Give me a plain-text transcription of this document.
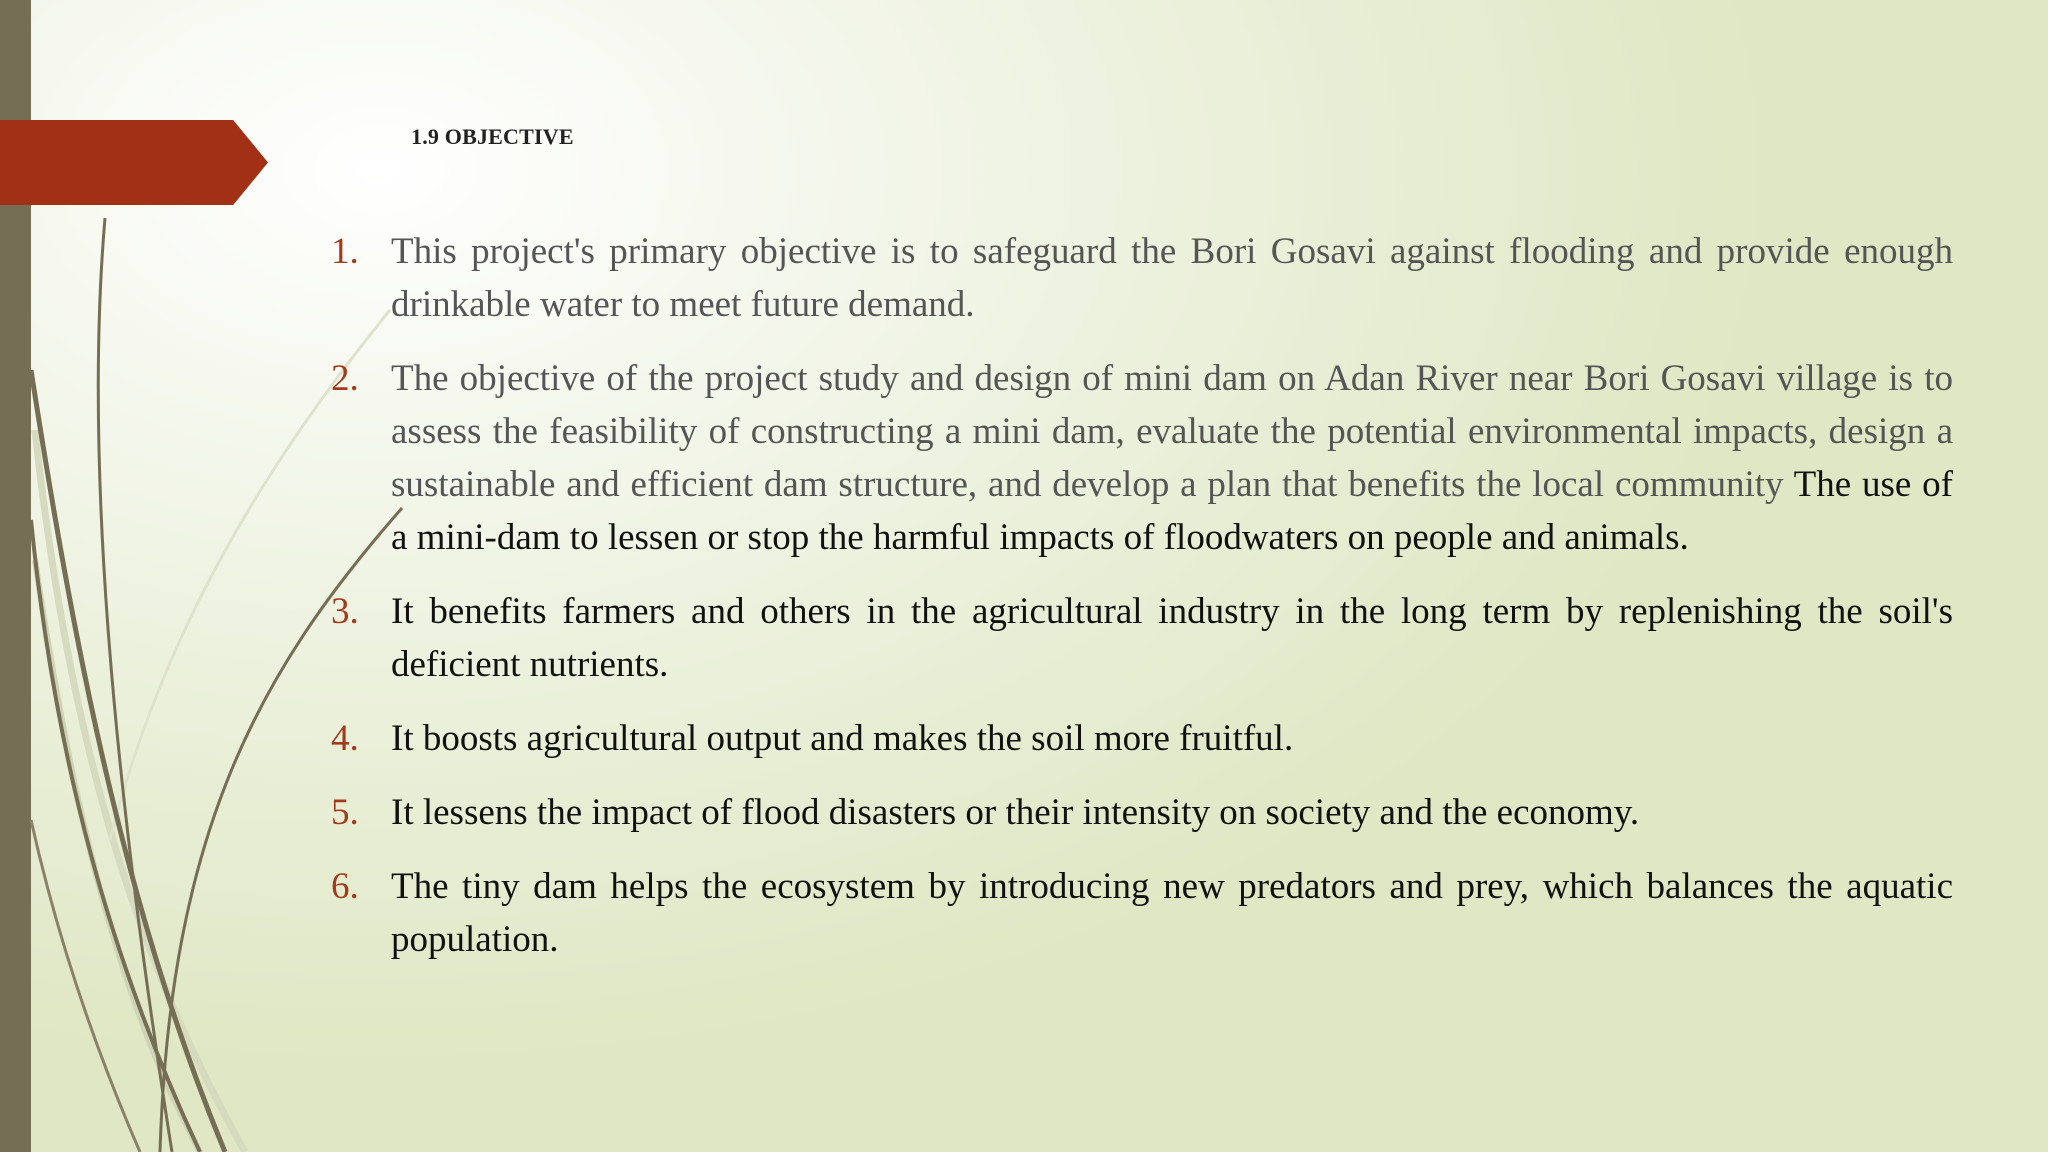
1.9 OBJECTIVE
1. This project's primary objective is to safeguard the Bori Gosavi against flooding and provide enough drinkable water to meet future demand.
2. The objective of the project study and design of mini dam on Adan River near Bori Gosavi village is to assess the feasibility of constructing a mini dam, evaluate the potential environmental impacts, design a sustainable and efficient dam structure, and develop a plan that benefits the local community The use of a mini-dam to lessen or stop the harmful impacts of floodwaters on people and animals.
3. It benefits farmers and others in the agricultural industry in the long term by replenishing the soil's deficient nutrients.
4. It boosts agricultural output and makes the soil more fruitful.
5. It lessens the impact of flood disasters or their intensity on society and the economy.
6. The tiny dam helps the ecosystem by introducing new predators and prey, which balances the aquatic population.
